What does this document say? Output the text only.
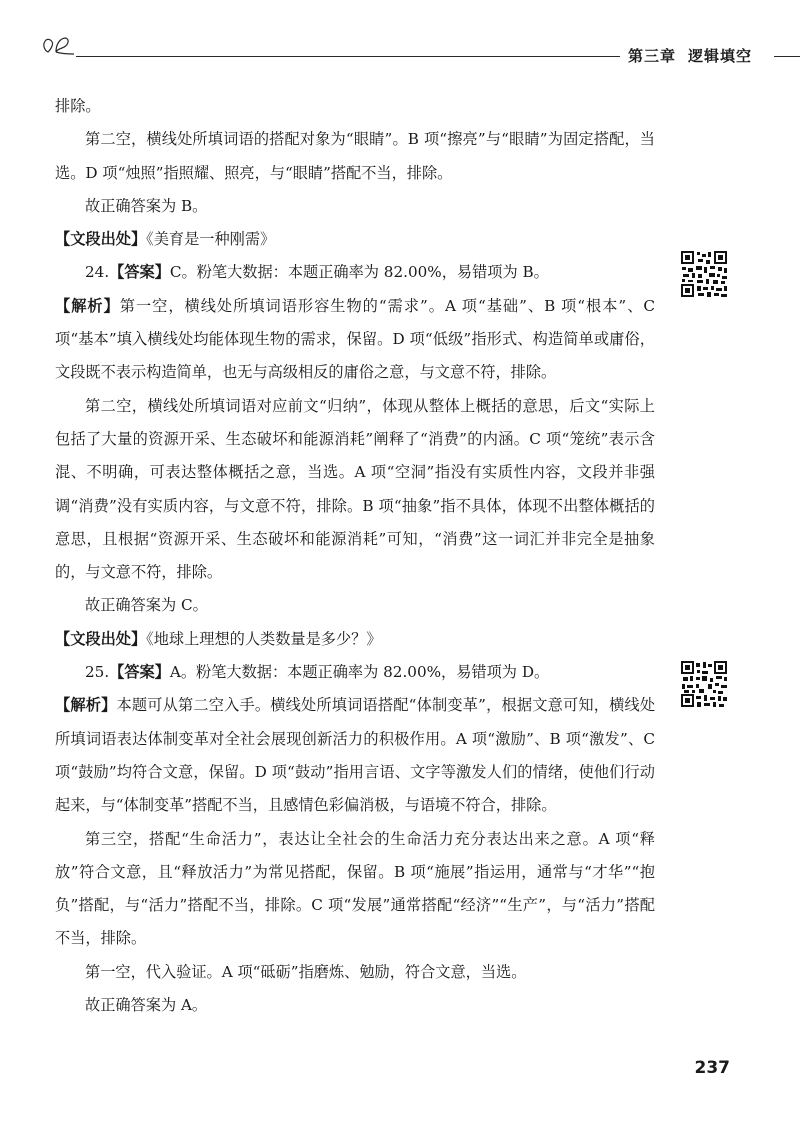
第三章 逻辑填空

排除。

第二空，横线处所填词语的搭配对象为“眼睛”。B 项“擦亮”与“眼睛”为固定搭配，当选。D 项“烛照”指照耀、照亮，与“眼睛”搭配不当，排除。

故正确答案为 B。

【文段出处】《美育是一种刚需》

24.【答案】C。粉笔大数据：本题正确率为 82.00%，易错项为 B。

【解析】第一空，横线处所填词语形容生物的“需求”。A 项“基础”、B 项“根本”、C 项“基本”填入横线处均能体现生物的需求，保留。D 项“低级”指形式、构造简单或庸俗，文段既不表示构造简单，也无与高级相反的庸俗之意，与文意不符，排除。

第二空，横线处所填词语对应前文“归纳”，体现从整体上概括的意思，后文“实际上包括了大量的资源开采、生态破坏和能源消耗”阐释了“消费”的内涵。C 项“笼统”表示含混、不明确，可表达整体概括之意，当选。A 项“空洞”指没有实质性内容，文段并非强调“消费”没有实质内容，与文意不符，排除。B 项“抽象”指不具体，体现不出整体概括的意思，且根据“资源开采、生态破坏和能源消耗”可知，“消费”这一词汇并非完全是抽象的，与文意不符，排除。

故正确答案为 C。

【文段出处】《地球上理想的人类数量是多少？》

25.【答案】A。粉笔大数据：本题正确率为 82.00%，易错项为 D。

【解析】本题可从第二空入手。横线处所填词语搭配“体制变革”，根据文意可知，横线处所填词语表达体制变革对全社会展现创新活力的积极作用。A 项“激励”、B 项“激发”、C 项“鼓励”均符合文意，保留。D 项“鼓动”指用言语、文字等激发人们的情绪，使他们行动起来，与“体制变革”搭配不当，且感情色彩偏消极，与语境不符合，排除。

第三空，搭配“生命活力”，表达让全社会的生命活力充分表达出来之意。A 项“释放”符合文意，且“释放活力”为常见搭配，保留。B 项“施展”指运用，通常与“才华”“抱负”搭配，与“活力”搭配不当，排除。C 项“发展”通常搭配“经济”“生产”，与“活力”搭配不当，排除。

第一空，代入验证。A 项“砥砺”指磨炼、勉励，符合文意，当选。

故正确答案为 A。

237
